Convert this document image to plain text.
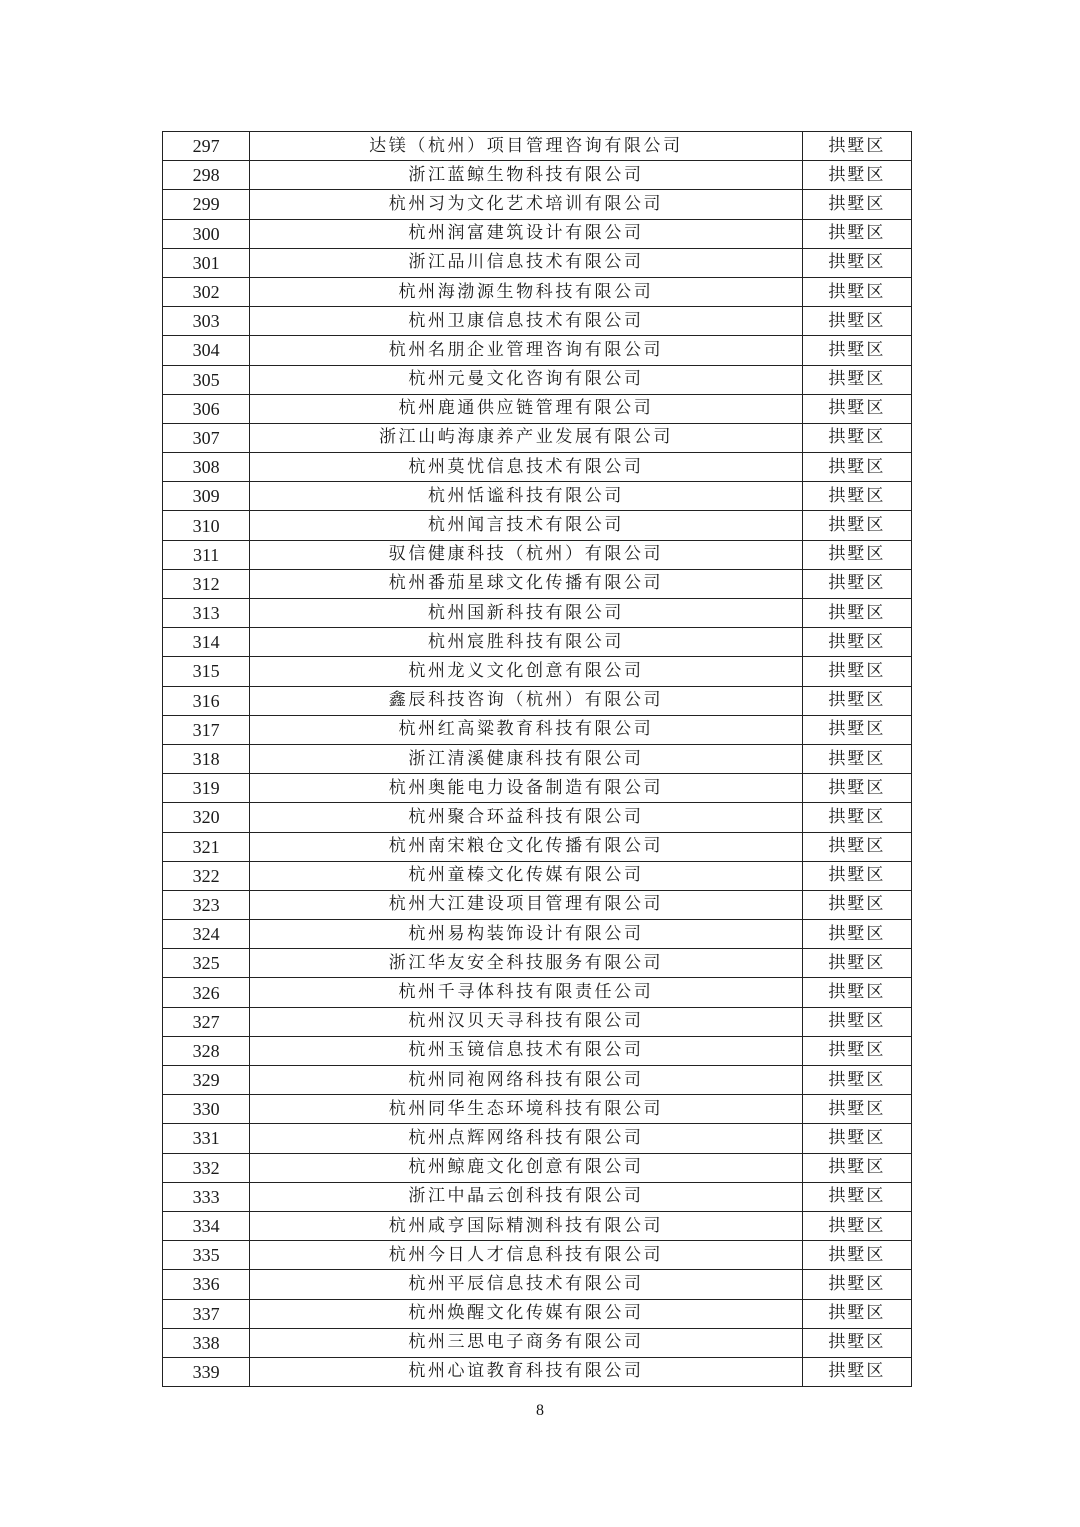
297	达镁（杭州）项目管理咨询有限公司	拱墅区
298	浙江蓝鲸生物科技有限公司	拱墅区
299	杭州习为文化艺术培训有限公司	拱墅区
300	杭州润富建筑设计有限公司	拱墅区
301	浙江品川信息技术有限公司	拱墅区
302	杭州海渤源生物科技有限公司	拱墅区
303	杭州卫康信息技术有限公司	拱墅区
304	杭州名朋企业管理咨询有限公司	拱墅区
305	杭州元曼文化咨询有限公司	拱墅区
306	杭州鹿通供应链管理有限公司	拱墅区
307	浙江山屿海康养产业发展有限公司	拱墅区
308	杭州莫忧信息技术有限公司	拱墅区
309	杭州恬谧科技有限公司	拱墅区
310	杭州闻言技术有限公司	拱墅区
311	驭信健康科技（杭州）有限公司	拱墅区
312	杭州番茄星球文化传播有限公司	拱墅区
313	杭州国新科技有限公司	拱墅区
314	杭州宸胜科技有限公司	拱墅区
315	杭州龙义文化创意有限公司	拱墅区
316	鑫辰科技咨询（杭州）有限公司	拱墅区
317	杭州红高粱教育科技有限公司	拱墅区
318	浙江清溪健康科技有限公司	拱墅区
319	杭州奥能电力设备制造有限公司	拱墅区
320	杭州聚合环益科技有限公司	拱墅区
321	杭州南宋粮仓文化传播有限公司	拱墅区
322	杭州童榛文化传媒有限公司	拱墅区
323	杭州大江建设项目管理有限公司	拱墅区
324	杭州易构装饰设计有限公司	拱墅区
325	浙江华友安全科技服务有限公司	拱墅区
326	杭州千寻体科技有限责任公司	拱墅区
327	杭州汉贝天寻科技有限公司	拱墅区
328	杭州玉镜信息技术有限公司	拱墅区
329	杭州同袍网络科技有限公司	拱墅区
330	杭州同华生态环境科技有限公司	拱墅区
331	杭州点辉网络科技有限公司	拱墅区
332	杭州鲸鹿文化创意有限公司	拱墅区
333	浙江中晶云创科技有限公司	拱墅区
334	杭州咸亨国际精测科技有限公司	拱墅区
335	杭州今日人才信息科技有限公司	拱墅区
336	杭州平辰信息技术有限公司	拱墅区
337	杭州焕醒文化传媒有限公司	拱墅区
338	杭州三思电子商务有限公司	拱墅区
339	杭州心谊教育科技有限公司	拱墅区
8
